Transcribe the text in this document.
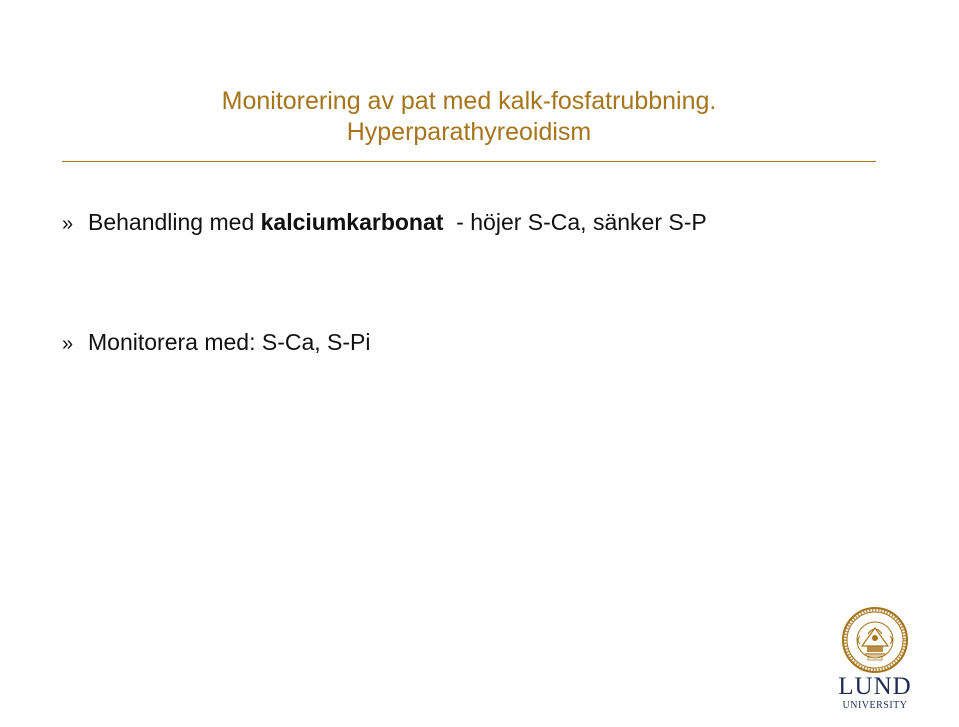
Monitorering av pat med kalk-fosfatrubbning.
Hyperparathyreoidism
» Behandling med kalciumkarbonat  - höjer S-Ca, sänker S-P
» Monitorera med: S-Ca, S-Pi
LUND
UNIVERSITY
